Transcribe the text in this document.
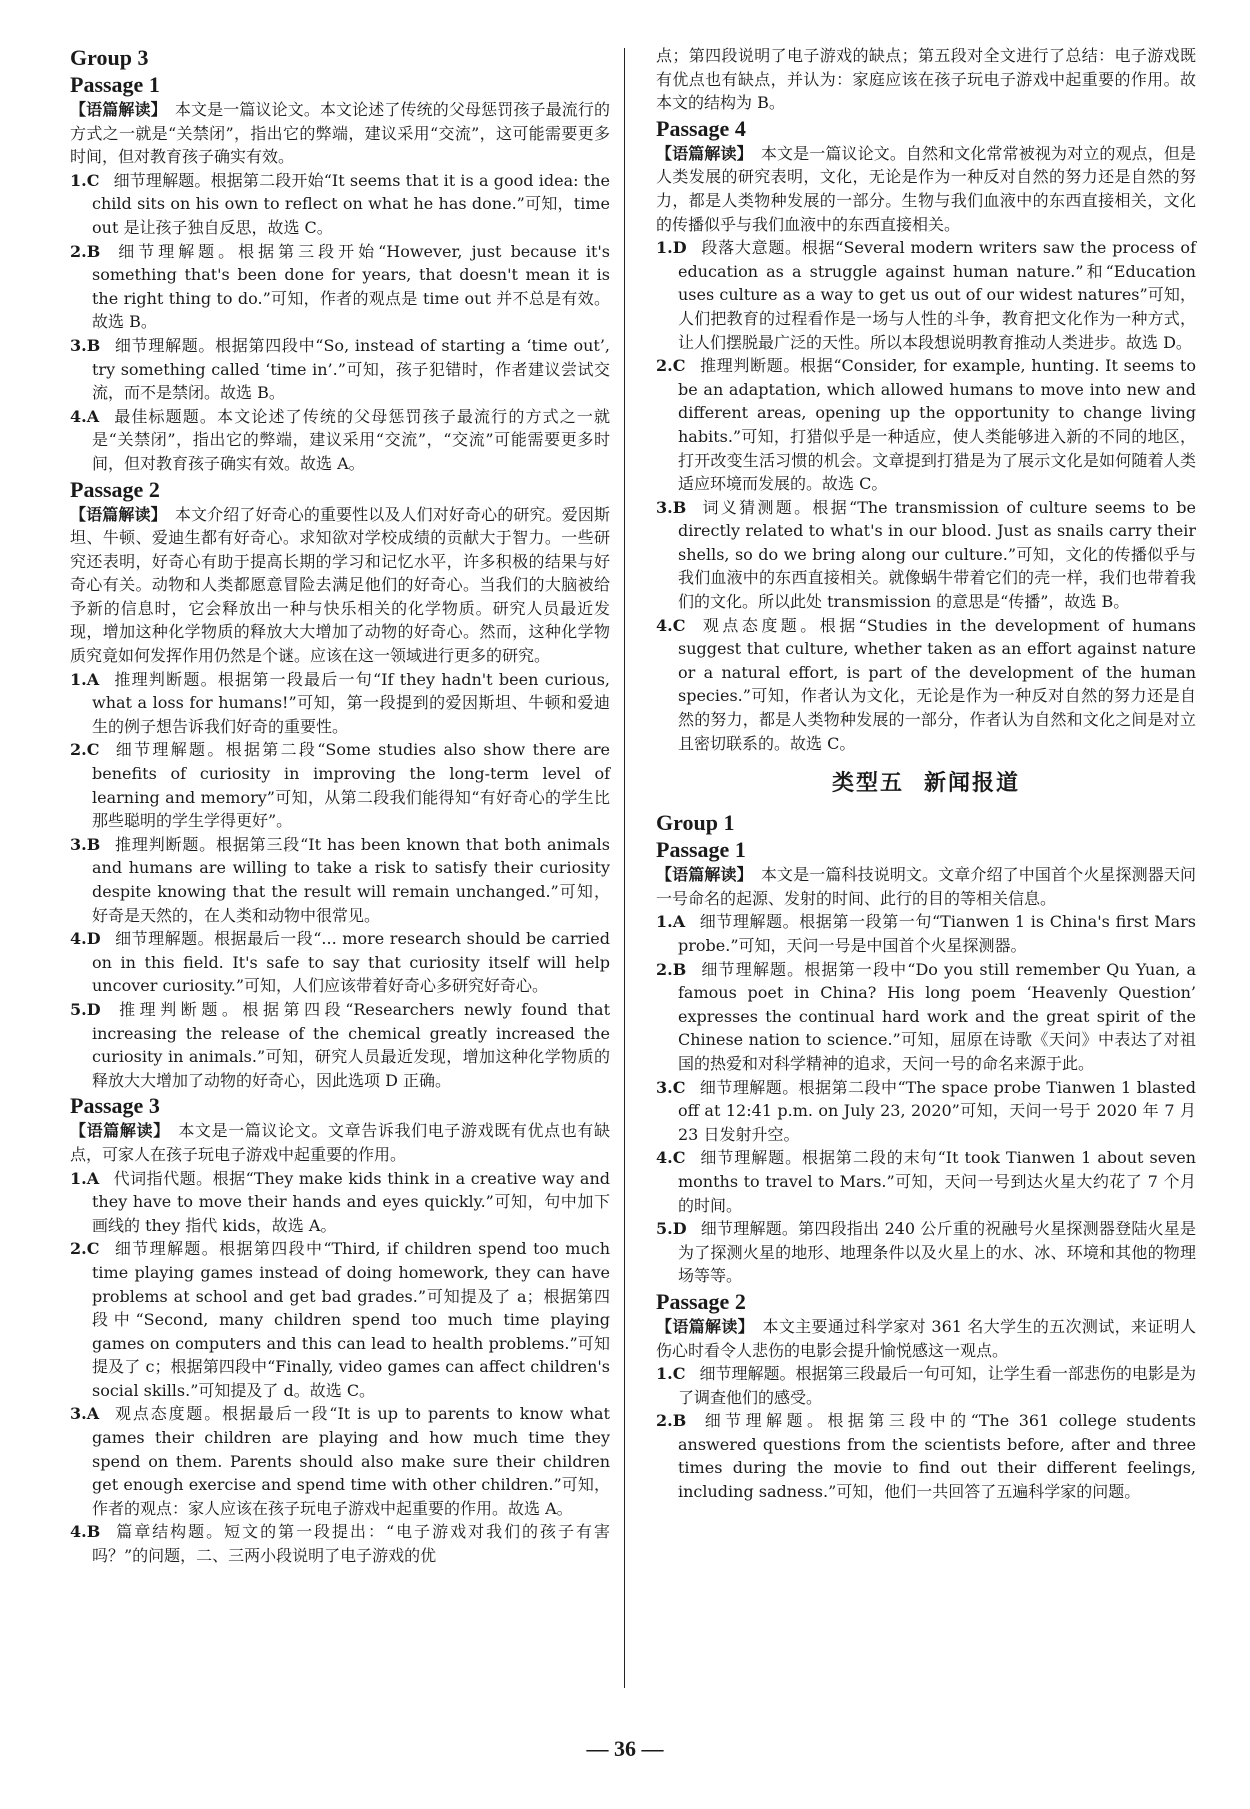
Group 3
Passage 1

【语篇解读】　本文是一篇议论文。本文论述了传统的父母惩罚孩子最流行的方式之一就是“关禁闭”，指出它的弊端，建议采用“交流”，这可能需要更多时间，但对教育孩子确实有效。

1.C 细节理解题。根据第二段开始“It seems that it is a good idea: the child sits on his own to reflect on what he has done.”可知，time out 是让孩子独自反思，故选 C。

2.B 细节理解题。根据第三段开始“However, just because it's something that's been done for years, that doesn't mean it is the right thing to do.”可知，作者的观点是 time out 并不总是有效。故选 B。

3.B 细节理解题。根据第四段中“So, instead of starting a ‘time out’, try something called ‘time in’.”可知，孩子犯错时，作者建议尝试交流，而不是禁闭。故选 B。

4.A 最佳标题题。本文论述了传统的父母惩罚孩子最流行的方式之一就是“关禁闭”，指出它的弊端，建议采用“交流”，“交流”可能需要更多时间，但对教育孩子确实有效。故选 A。

Passage 2

【语篇解读】　本文介绍了好奇心的重要性以及人们对好奇心的研究。爱因斯坦、牛顿、爱迪生都有好奇心。求知欲对学校成绩的贡献大于智力。一些研究还表明，好奇心有助于提高长期的学习和记忆水平，许多积极的结果与好奇心有关。动物和人类都愿意冒险去满足他们的好奇心。当我们的大脑被给予新的信息时，它会释放出一种与快乐相关的化学物质。研究人员最近发现，增加这种化学物质的释放大大增加了动物的好奇心。然而，这种化学物质究竟如何发挥作用仍然是个谜。应该在这一领域进行更多的研究。

1.A 推理判断题。根据第一段最后一句“If they hadn't been curious, what a loss for humans!”可知，第一段提到的爱因斯坦、牛顿和爱迪生的例子想告诉我们好奇的重要性。

2.C 细节理解题。根据第二段“Some studies also show there are benefits of curiosity in improving the long-term level of learning and memory”可知，从第二段我们能得知“有好奇心的学生比那些聪明的学生学得更好”。

3.B 推理判断题。根据第三段“It has been known that both animals and humans are willing to take a risk to satisfy their curiosity despite knowing that the result will remain unchanged.”可知，好奇是天然的，在人类和动物中很常见。

4.D 细节理解题。根据最后一段“... more research should be carried on in this field. It's safe to say that curiosity itself will help uncover curiosity.”可知，人们应该带着好奇心多研究好奇心。

5.D 推理判断题。根据第四段“Researchers newly found that increasing the release of the chemical greatly increased the curiosity in animals.”可知，研究人员最近发现，增加这种化学物质的释放大大增加了动物的好奇心，因此选项 D 正确。

Passage 3

【语篇解读】　本文是一篇议论文。文章告诉我们电子游戏既有优点也有缺点，可家人在孩子玩电子游戏中起重要的作用。

1.A 代词指代题。根据“They make kids think in a creative way and they have to move their hands and eyes quickly.”可知，句中加下画线的 they 指代 kids，故选 A。

2.C 细节理解题。根据第四段中“Third, if children spend too much time playing games instead of doing homework, they can have problems at school and get bad grades.”可知提及了 a；根据第四段中“Second, many children spend too much time playing games on computers and this can lead to health problems.”可知提及了 c；根据第四段中“Finally, video games can affect children's social skills.”可知提及了 d。故选 C。

3.A 观点态度题。根据最后一段“It is up to parents to know what games their children are playing and how much time they spend on them. Parents should also make sure their children get enough exercise and spend time with other children.”可知，作者的观点：家人应该在孩子玩电子游戏中起重要的作用。故选 A。

4.B 篇章结构题。短文的第一段提出：“电子游戏对我们的孩子有害吗？”的问题，二、三两小段说明了电子游戏的优

点；第四段说明了电子游戏的缺点；第五段对全文进行了总结：电子游戏既有优点也有缺点，并认为：家庭应该在孩子玩电子游戏中起重要的作用。故本文的结构为 B。

Passage 4

【语篇解读】　本文是一篇议论文。自然和文化常常被视为对立的观点，但是人类发展的研究表明，文化，无论是作为一种反对自然的努力还是自然的努力，都是人类物种发展的一部分。生物与我们血液中的东西直接相关，文化的传播似乎与我们血液中的东西直接相关。

1.D 段落大意题。根据“Several modern writers saw the process of education as a struggle against human nature.”和“Education uses culture as a way to get us out of our widest natures”可知，人们把教育的过程看作是一场与人性的斗争，教育把文化作为一种方式，让人们摆脱最广泛的天性。所以本段想说明教育推动人类进步。故选 D。

2.C 推理判断题。根据“Consider, for example, hunting. It seems to be an adaptation, which allowed humans to move into new and different areas, opening up the opportunity to change living habits.”可知，打猎似乎是一种适应，使人类能够进入新的不同的地区，打开改变生活习惯的机会。文章提到打猎是为了展示文化是如何随着人类适应环境而发展的。故选 C。

3.B 词义猜测题。根据“The transmission of culture seems to be directly related to what's in our blood. Just as snails carry their shells, so do we bring along our culture.”可知，文化的传播似乎与我们血液中的东西直接相关。就像蜗牛带着它们的壳一样，我们也带着我们的文化。所以此处 transmission 的意思是“传播”，故选 B。

4.C 观点态度题。根据“Studies in the development of humans suggest that culture, whether taken as an effort against nature or a natural effort, is part of the development of the human species.”可知，作者认为文化，无论是作为一种反对自然的努力还是自然的努力，都是人类物种发展的一部分，作者认为自然和文化之间是对立且密切联系的。故选 C。

类型五 新闻报道
Group 1
Passage 1

【语篇解读】　本文是一篇科技说明文。文章介绍了中国首个火星探测器天问一号命名的起源、发射的时间、此行的目的等相关信息。

1.A 细节理解题。根据第一段第一句“Tianwen 1 is China's first Mars probe.”可知，天问一号是中国首个火星探测器。

2.B 细节理解题。根据第一段中“Do you still remember Qu Yuan, a famous poet in China? His long poem ‘Heavenly Question’ expresses the continual hard work and the great spirit of the Chinese nation to science.”可知，屈原在诗歌《天问》中表达了对祖国的热爱和对科学精神的追求，天问一号的命名来源于此。

3.C 细节理解题。根据第二段中“The space probe Tianwen 1 blasted off at 12:41 p.m. on July 23, 2020”可知，天问一号于 2020 年 7 月 23 日发射升空。

4.C 细节理解题。根据第二段的末句“It took Tianwen 1 about seven months to travel to Mars.”可知，天问一号到达火星大约花了 7 个月的时间。

5.D 细节理解题。第四段指出 240 公斤重的祝融号火星探测器登陆火星是为了探测火星的地形、地理条件以及火星上的水、冰、环境和其他的物理场等等。

Passage 2

【语篇解读】　本文主要通过科学家对 361 名大学生的五次测试，来证明人伤心时看令人悲伤的电影会提升愉悦感这一观点。

1.C 细节理解题。根据第三段最后一句可知，让学生看一部悲伤的电影是为了调查他们的感受。

2.B 细节理解题。根据第三段中的“The 361 college students answered questions from the scientists before, after and three times during the movie to find out their different feelings, including sadness.”可知，他们一共回答了五遍科学家的问题。

— 36 —
